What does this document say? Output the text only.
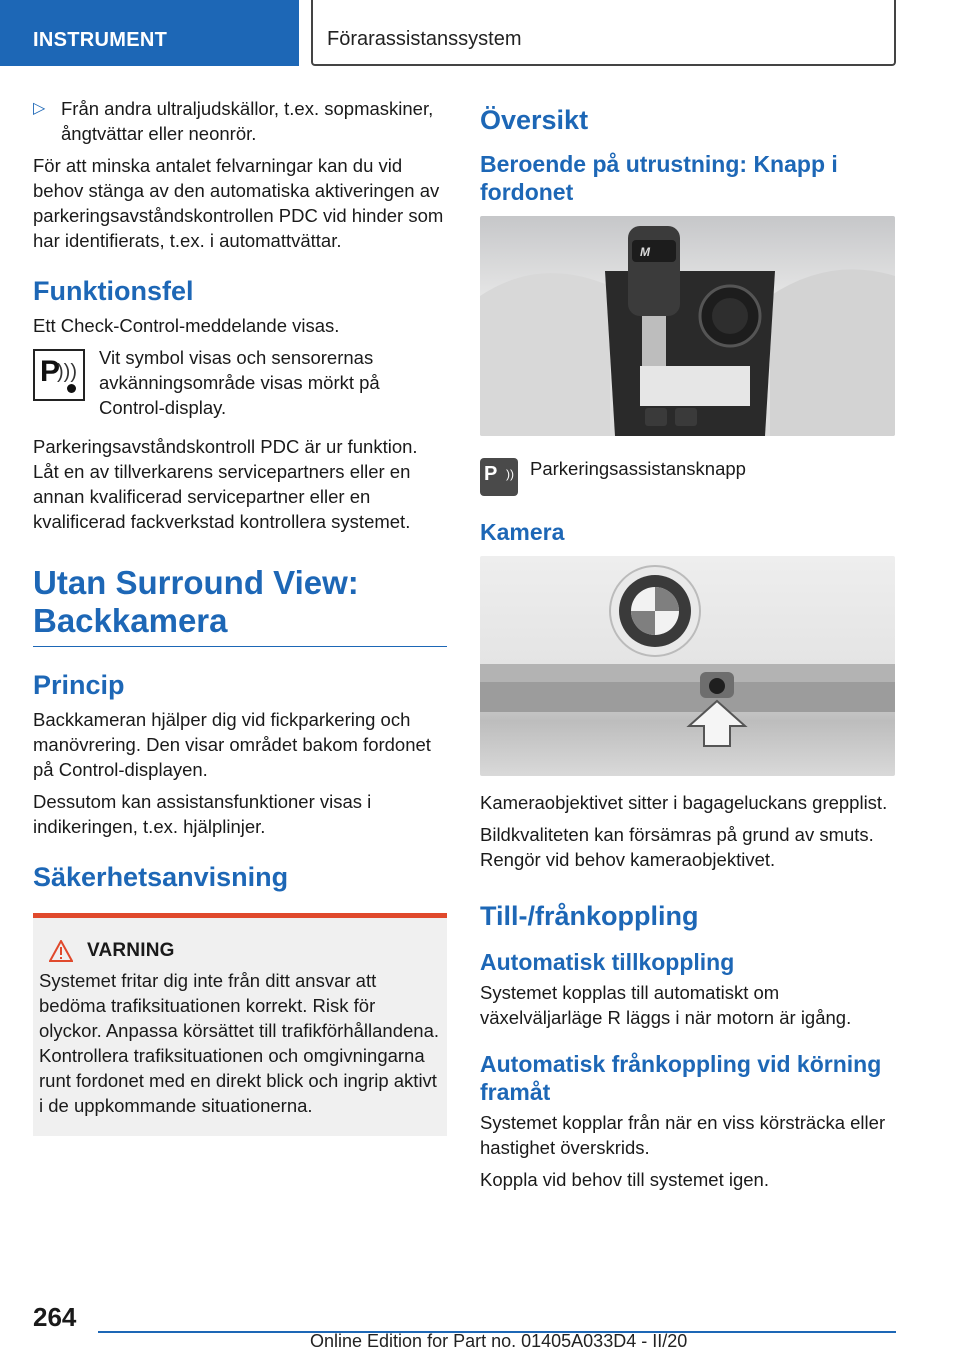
INSTRUMENT	Förarassistanssystem

▷ Från andra ultraljudskällor, t.ex. sopmaskiner, ångtvättar eller neonrör.

För att minska antalet felvarningar kan du vid behov stänga av den automatiska aktiveringen av parkeringsavståndskontrollen PDC vid hinder som har identifierats, t.ex. i automattvättar.

Funktionsfel

Ett Check-Control-meddelande visas.

P
)))

Vit symbol visas och sensorernas avkänningsområde visas mörkt på Control-display.

Parkeringsavståndskontroll PDC är ur funktion. Låt en av tillverkarens servicepartners eller en annan kvalificerad servicepartner eller en kvalificerad fackverkstad kontrollera systemet.

Utan Surround View: Backkamera
Princip

Backkameran hjälper dig vid fickparkering och manövrering. Den visar området bakom fordonet på Control-displayen.

Dessutom kan assistansfunktioner visas i indikeringen, t.ex. hjälplinjer.

Säkerhetsanvisning
VARNING

Systemet fritar dig inte från ditt ansvar att bedöma trafiksituationen korrekt. Risk för olyckor. Anpassa körsättet till trafikförhållandena. Kontrollera trafiksituationen och omgivningarna runt fordonet med en direkt blick och ingrip aktivt i de uppkommande situationerna.

Översikt
Beroende på utrustning: Knapp i fordonet
M
P )) Parkeringsassistansknapp

Kamera

Kameraobjektivet sitter i bagageluckans grepplist.

Bildkvaliteten kan försämras på grund av smuts. Rengör vid behov kameraobjektivet.

Till-/frånkoppling
Automatisk tillkoppling

Systemet kopplas till automatiskt om växelväljarläge R läggs i när motorn är igång.

Automatisk frånkoppling vid körning framåt

Systemet kopplar från när en viss körsträcka eller hastighet överskrids.

Koppla vid behov till systemet igen.

264
Online Edition for Part no. 01405A033D4 - II/20
